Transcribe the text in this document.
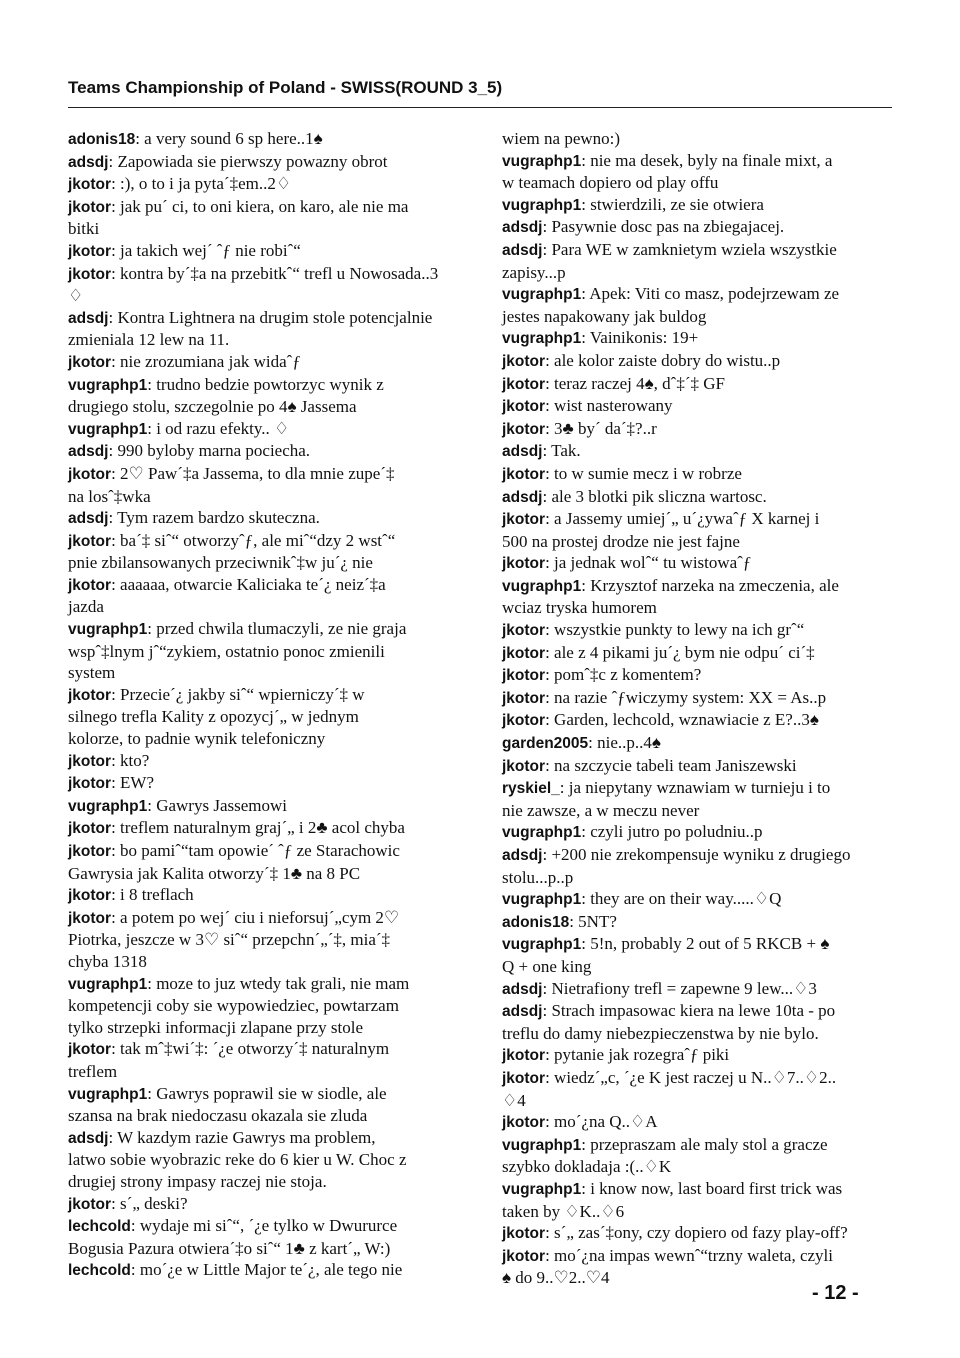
Teams Championship of Poland - SWISS(ROUND 3_5)
adonis18: a very sound 6 sp here..1♠
adsdj: Zapowiada sie pierwszy powazny obrot
jkotor: :), o to i ja pyta´‡em..2♢
jkotor: jak pu´ ci, to oni kiera, on karo, ale nie ma
bitki
jkotor: ja takich wej´ ˆƒ nie robiˆ“
jkotor: kontra by´‡a na przebitkˆ“ trefl u Nowosada..3
♢
adsdj: Kontra Lightnera na drugim stole potencjalnie
zmieniala 12 lew na 11.
jkotor: nie zrozumiana jak widaˆƒ
vugraphp1: trudno bedzie powtorzyc wynik z
drugiego stolu, szczegolnie po 4♠ Jassema
vugraphp1: i od razu efekty.. ♢
adsdj: 990 byloby marna pociecha.
jkotor: 2♡ Paw´‡a Jassema, to dla mnie zupe´‡
na losˆ‡wka
adsdj: Tym razem bardzo skuteczna.
jkotor: ba´‡ siˆ“ otworzyˆƒ, ale miˆ“dzy 2 wstˆ“
pnie zbilansowanych przeciwnikˆ‡w ju´¿ nie
jkotor: aaaaaa, otwarcie Kaliciaka te´¿ neiz´‡a
jazda
vugraphp1: przed chwila tlumaczyli, ze nie graja
wspˆ‡lnym jˆ“zykiem, ostatnio ponoc zmienili
system
jkotor: Przecie´¿ jakby siˆ“ wpierniczy´‡ w
silnego trefla Kality z opozycj´„ w jednym
kolorze, to padnie wynik telefoniczny
jkotor: kto?
jkotor: EW?
vugraphp1: Gawrys Jassemowi
jkotor: treflem naturalnym graj´„ i 2♣ acol chyba
jkotor: bo pamiˆ“tam opowie´ ˆƒ ze Starachowic
Gawrysia jak Kalita otworzy´‡ 1♣ na 8 PC
jkotor: i 8 treflach
jkotor: a potem po wej´ ciu i nieforsuj´„cym 2♡
Piotrka, jeszcze w 3♡ siˆ“ przepchn´„´‡, mia´‡
chyba 1318
vugraphp1: moze to juz wtedy tak grali, nie mam
kompetencji coby sie wypowiedziec, powtarzam
tylko strzepki informacji zlapane przy stole
jkotor: tak mˆ‡wi´‡: ´¿e otworzy´‡ naturalnym
treflem
vugraphp1: Gawrys poprawil sie w siodle, ale
szansa na brak niedoczasu okazala sie zluda
adsdj: W kazdym razie Gawrys ma problem,
latwo sobie wyobrazic reke do 6 kier u W. Choc z
drugiej strony impasy raczej nie stoja.
jkotor: s´„ deski?
lechcold: wydaje mi siˆ“, ´¿e tylko w Dwururce
Bogusia Pazura otwiera´‡o siˆ“ 1♣ z kart´„ W:)
lechcold: mo´¿e w Little Major te´¿, ale tego nie
wiem na pewno:)
vugraphp1: nie ma desek, byly na finale mixt, a
w teamach dopiero od play offu
vugraphp1: stwierdzili, ze sie otwiera
adsdj: Pasywnie dosc pas na zbiegajacej.
adsdj: Para WE w zamknietym wziela wszystkie
zapisy...p
vugraphp1: Apek: Viti co masz, podejrzewam ze
jestes napakowany jak buldog
vugraphp1: Vainikonis: 19+
jkotor: ale kolor zaiste dobry do wistu..p
jkotor: teraz raczej 4♠, dˆ‡´‡ GF
jkotor: wist nasterowany
jkotor: 3♣ by´ da´‡?..r
adsdj: Tak.
jkotor: to w sumie mecz i w robrze
adsdj: ale 3 blotki pik sliczna wartosc.
jkotor: a Jassemy umiej´„ u´¿ywaˆƒ X karnej i
500 na prostej drodze nie jest fajne
jkotor: ja jednak wolˆ“ tu wistowaˆƒ
vugraphp1: Krzysztof narzeka na zmeczenia, ale
wciaz tryska humorem
jkotor: wszystkie punkty to lewy na ich grˆ“
jkotor: ale z 4 pikami ju´¿ bym nie odpu´ ci´‡
jkotor: pomˆ‡c z komentem?
jkotor: na razie ˆƒwiczymy system: XX = As..p
jkotor: Garden, lechcold, wznawiacie z E?..3♠
garden2005: nie..p..4♠
jkotor: na szczycie tabeli team Janiszewski
ryskiel_: ja niepytany wznawiam w turnieju i to
nie zawsze, a w meczu never
vugraphp1: czyli jutro po poludniu..p
adsdj: +200 nie zrekompensuje wyniku z drugiego
stolu...p..p
vugraphp1: they are on their way.....♢Q
adonis18: 5NT?
vugraphp1: 5!n, probably 2 out of 5 RKCB + ♠
Q + one king
adsdj: Nietrafiony trefl = zapewne 9 lew...♢3
adsdj: Strach impasowac kiera na lewe 10ta - po
treflu do damy niebezpieczenstwa by nie bylo.
jkotor: pytanie jak rozegraˆƒ piki
jkotor: wiedz´„c, ´¿e K jest raczej u N..♢7..♢2..
♢4
jkotor: mo´¿na Q..♢A
vugraphp1: przepraszam ale maly stol a gracze
szybko dokladaja :(..♢K
vugraphp1: i know now, last board first trick was
taken by ♢K..♢6
jkotor: s´„ zas´‡ony, czy dopiero od fazy play-off?
jkotor: mo´¿na impas wewnˆ“trzny waleta, czyli
♠ do 9..♡2..♡4
- 12 -
